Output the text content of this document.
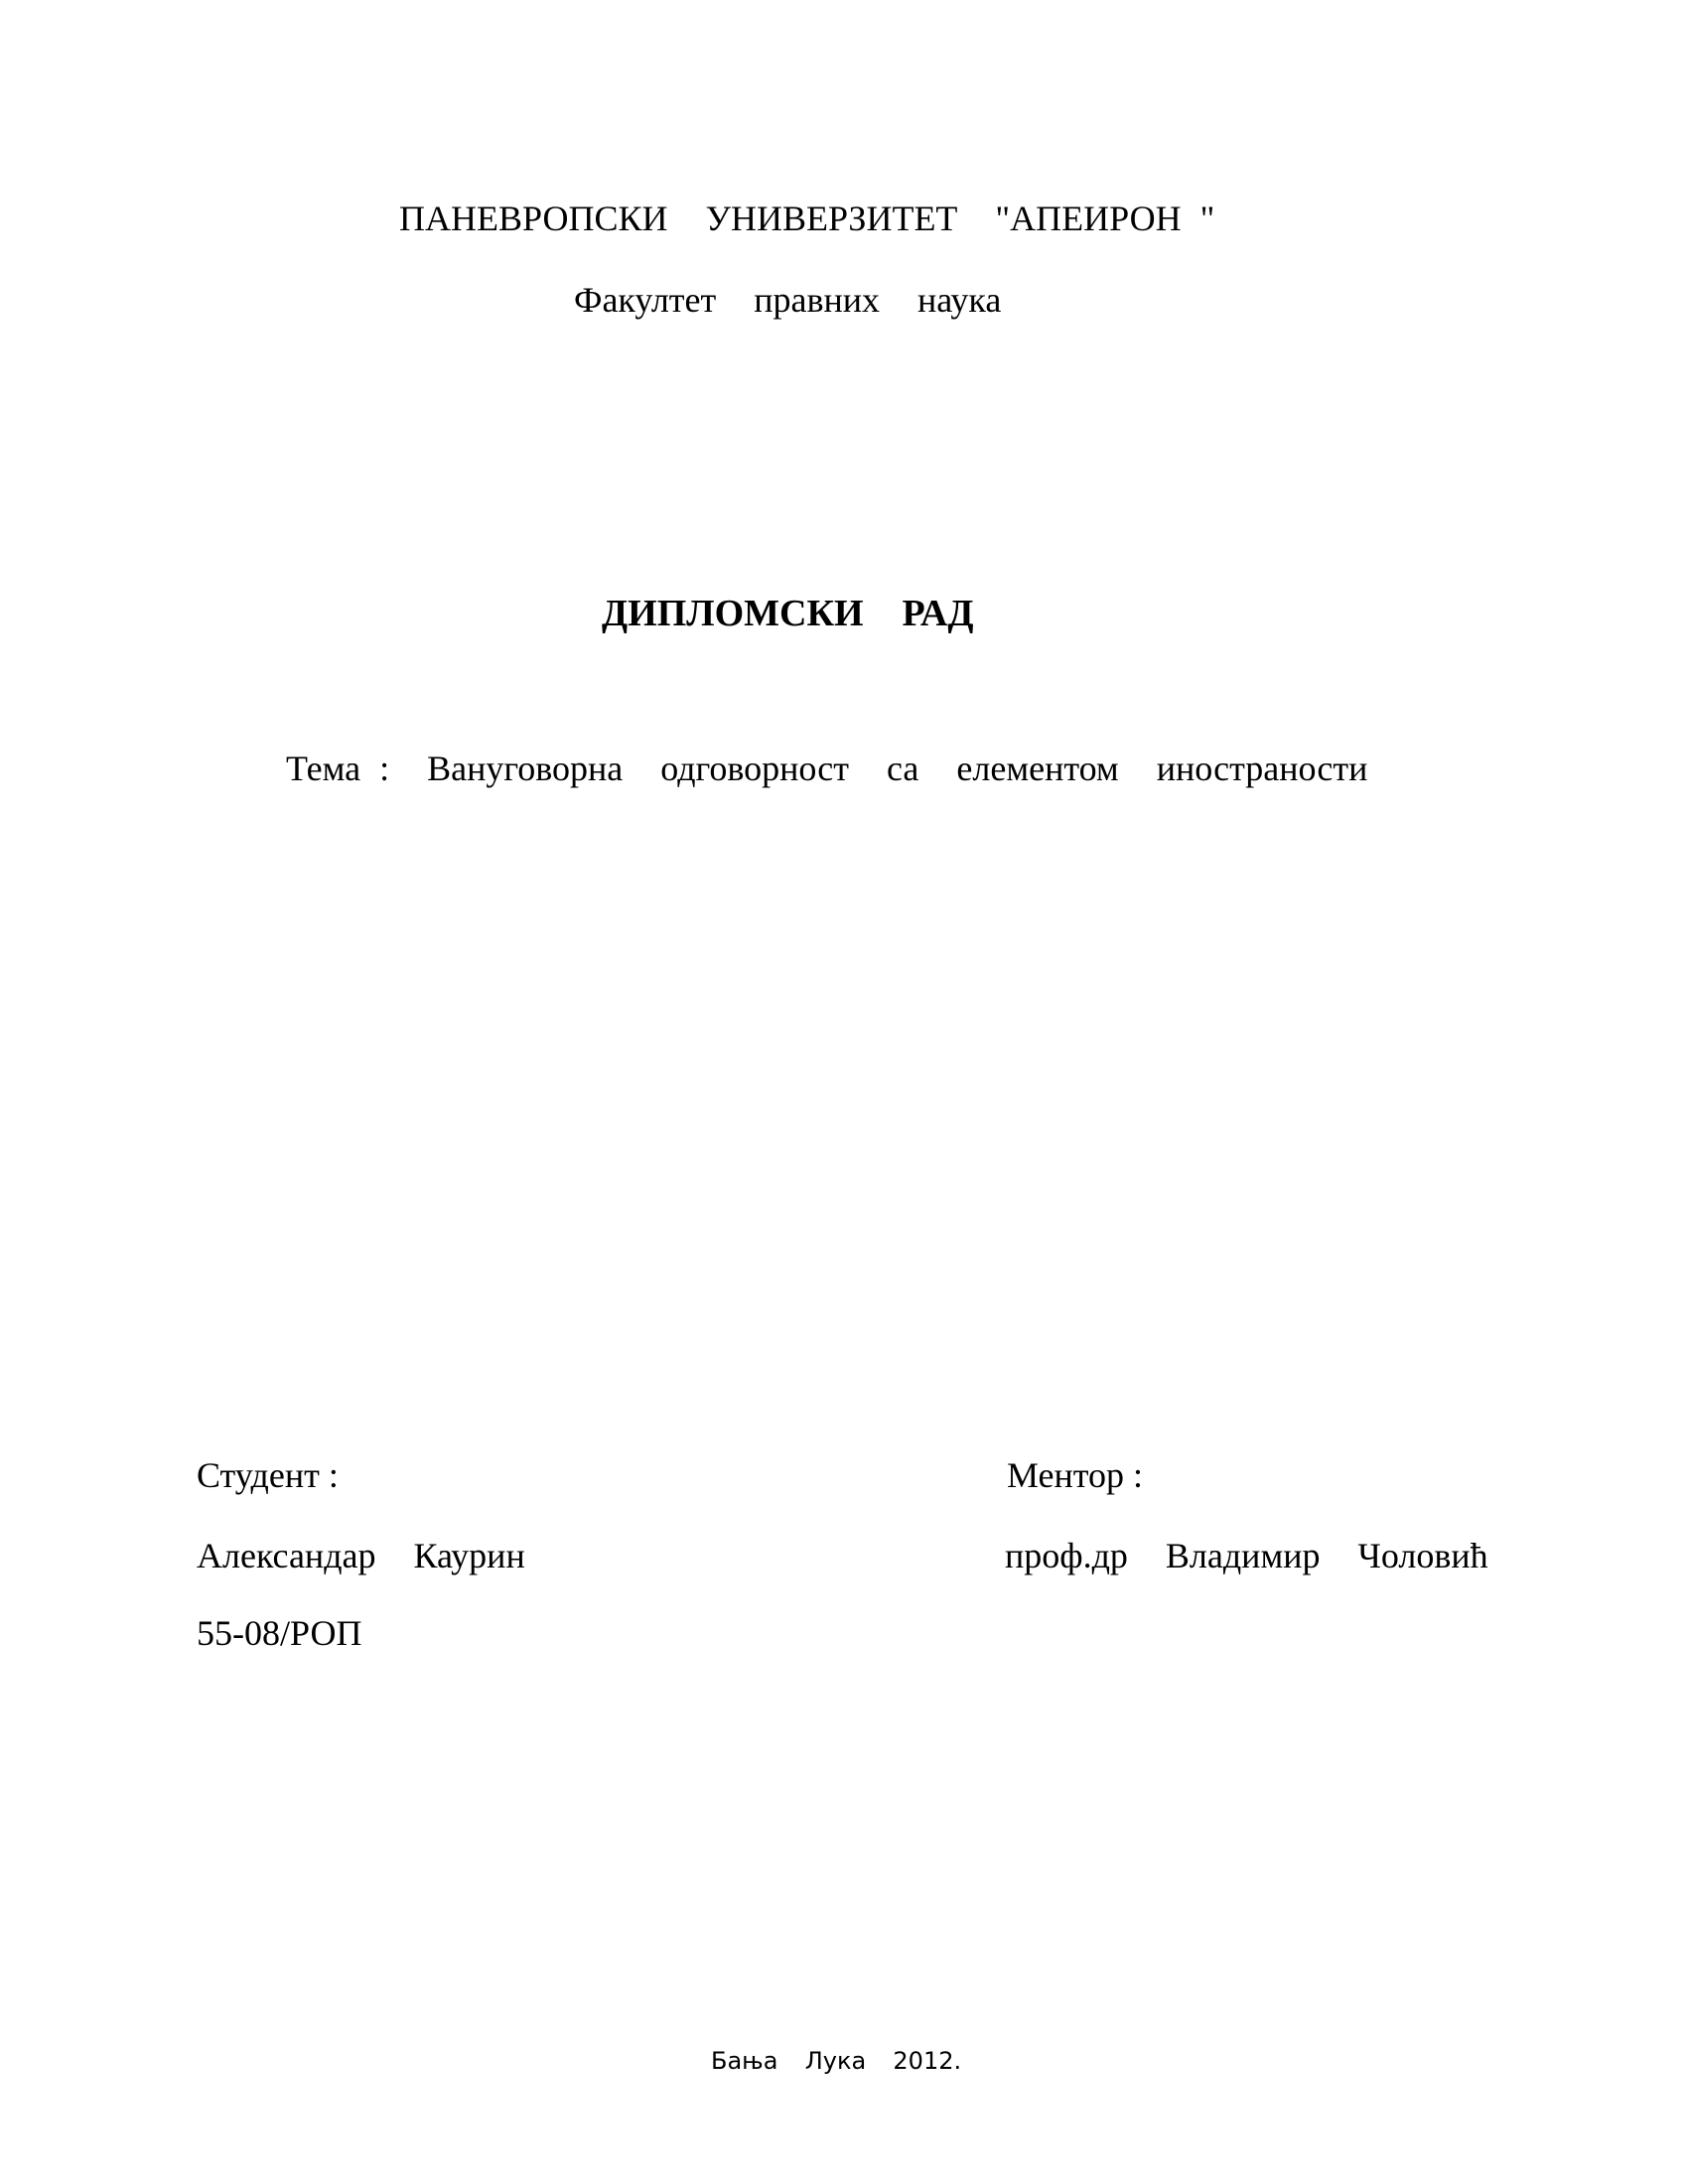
ПАНЕВРОПСКИ  УНИВЕРЗИТЕТ  "АПЕИРОН "
Факултет  правних  наука
ДИПЛОМСКИ  РАД
Тема :  Вануговорна  одговорност  са  елементом  иностраности
Студент :
Александар  Каурин
55-08/РОП
Ментор :
проф.др  Владимир  Чоловић
Бања  Лука  2012.
